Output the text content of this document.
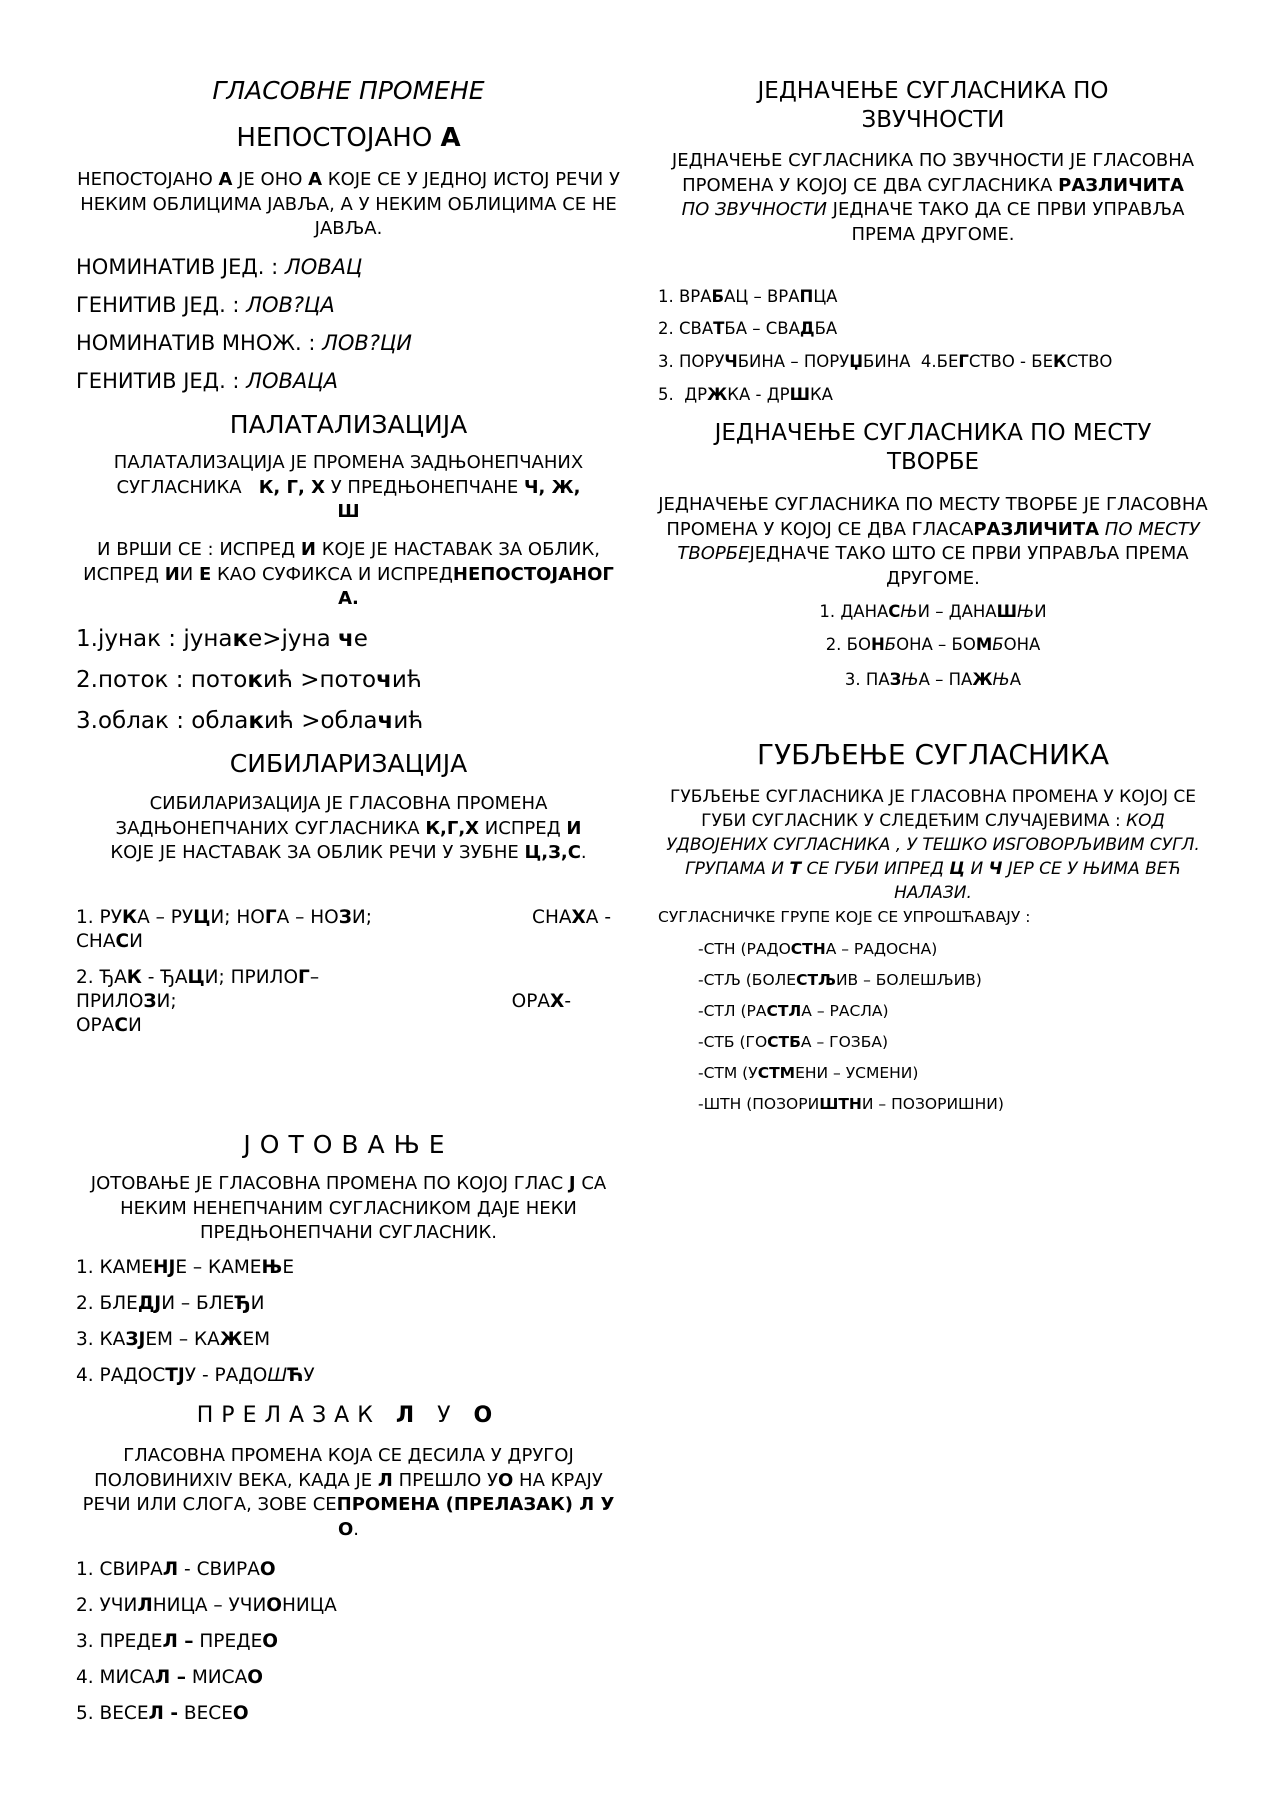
ГЛАСОВНЕ ПРОМЕНЕ
НЕПОСТОЈАНО А
НЕПОСТОЈАНО А ЈЕ ОНО А КОЈЕ СЕ У ЈЕДНОЈ ИСТОЈ РЕЧИ У НЕКИМ ОБЛИЦИМА ЈАВЉА, А У НЕКИМ ОБЛИЦИМА СЕ НЕ ЈАВЉА.
НОМИНАТИВ ЈЕД. : ЛОВАЦ
ГЕНИТИВ ЈЕД. : ЛОВ?ЦА
НОМИНАТИВ МНОЖ. : ЛОВ?ЦИ
ГЕНИТИВ ЈЕД. : ЛОВАЦА
ПАЛАТАЛИЗАЦИЈА
ПАЛАТАЛИЗАЦИЈА ЈЕ ПРОМЕНА ЗАДЊОНЕПЧАНИХ СУГЛАСНИКА   К, Г, Х У ПРЕДЊОНЕПЧАНЕ Ч, Ж, Ш
И ВРШИ СЕ : ИСПРЕД И КОЈЕ ЈЕ НАСТАВАК ЗА ОБЛИК, ИСПРЕД ИИ Е КАО СУФИКСА И ИСПРЕДНЕПОСТОЈАНОГ А.
1.јунак : јунаке>јуна че
2.поток : потокић >поточић
3.облак : облакић >облачић
СИБИЛАРИЗАЦИЈА
СИБИЛАРИЗАЦИЈА ЈЕ ГЛАСОВНА ПРОМЕНА ЗАДЊОНЕПЧАНИХ СУГЛАСНИКА К,Г,Х ИСПРЕД И КОЈЕ ЈЕ НАСТАВАК ЗА ОБЛИК РЕЧИ У ЗУБНЕ Ц,З,С.
1. РУКА – РУЦИ; НОГА – НОЗИ;	СНАХА -
СНАСИ
2. ЂАК - ЂАЦИ; ПРИЛОГ–
ПРИЛОЗИ;	ОРАХ-
ОРАСИ
ЈОТОВАЊЕ
ЈОТОВАЊЕ ЈЕ ГЛАСОВНА ПРОМЕНА ПО КОЈОЈ ГЛАС Ј СА НЕКИМ НЕНЕПЧАНИМ СУГЛАСНИКОМ ДАЈЕ НЕКИ ПРЕДЊОНЕПЧАНИ СУГЛАСНИК.
1. КАМЕНЈЕ – КАМЕЊЕ
2. БЛЕДЈИ – БЛЕЂИ
3. КАЗЈЕМ – КАЖЕМ
4. РАДОСТЈУ - РАДОШЋУ
ПРЕЛАЗАК Л У О
ГЛАСОВНА ПРОМЕНА КОЈА СЕ ДЕСИЛА У ДРУГОЈ ПОЛОВИНИХIV ВЕКА, КАДА ЈЕ Л ПРЕШЛО УО НА КРАЈУ РЕЧИ ИЛИ СЛОГА, ЗОВЕ СЕПРОМЕНА (ПРЕЛАЗАК) Л У О.
1. СВИРАЛ - СВИРАО
2. УЧИЛНИЦА – УЧИОНИЦА
3. ПРЕДЕЛ – ПРЕДЕО
4. МИСАЛ – МИСАО
5. ВЕСЕЛ - ВЕСЕО
ЈЕДНАЧЕЊЕ СУГЛАСНИКА ПО
ЗВУЧНОСТИ
ЈЕДНАЧЕЊЕ СУГЛАСНИКА ПО ЗВУЧНОСТИ ЈЕ ГЛАСОВНА ПРОМЕНА У КОЈОЈ СЕ ДВА СУГЛАСНИКА РАЗЛИЧИТА ПО ЗВУЧНОСТИ ЈЕДНАЧЕ ТАКО ДА СЕ ПРВИ УПРАВЉА ПРЕМА ДРУГОМЕ.
1. ВРАБАЦ – ВРАПЦА
2. СВАТБА – СВАДБА
3. ПОРУЧБИНА – ПОРУЏБИНА  4.БЕГСТВО - БЕКСТВО
5.  ДРЖКА - ДРШКА
ЈЕДНАЧЕЊЕ СУГЛАСНИКА ПО МЕСТУ
ТВОРБЕ
ЈЕДНАЧЕЊЕ СУГЛАСНИКА ПО МЕСТУ ТВОРБЕ ЈЕ ГЛАСОВНА ПРОМЕНА У КОЈОЈ СЕ ДВА ГЛАСАРАЗЛИЧИТА ПО МЕСТУ ТВОРБЕЈЕДНАЧЕ ТАКО ШТО СЕ ПРВИ УПРАВЉА ПРЕМА ДРУГОМЕ.
1. ДАНАСЊИ – ДАНАШЊИ
2. БОНБОНА – БОМБОНА
3. ПАЗЊА – ПАЖЊА
ГУБЉЕЊЕ СУГЛАСНИКА
ГУБЉЕЊЕ СУГЛАСНИКА ЈЕ ГЛАСОВНА ПРОМЕНА У КОЈОЈ СЕ ГУБИ СУГЛАСНИК У СЛЕДЕЋИМ СЛУЧАЈЕВИМА : КОД УДВОЈЕНИХ СУГЛАСНИКА , У ТЕШКО ИЅГОВОРЉИВИМ СУГЛ. ГРУПАМА И Т СЕ ГУБИ ИПРЕД Ц И Ч ЈЕР СЕ У ЊИМА ВЕЋ НАЛАЗИ.
СУГЛАСНИЧКЕ ГРУПЕ КОЈЕ СЕ УПРОШЋАВАЈУ :
-СТН (РАДОСТНА – РАДОСНА)
-СТЉ (БОЛЕСТЉИВ – БОЛЕШЉИВ)
-СТЛ (РАСТЛА – РАСЛА)
-СТБ (ГОСТБА – ГОЗБА)
-СТМ (УСТМЕНИ – УСМЕНИ)
-ШТН (ПОЗОРИШТНИ – ПОЗОРИШНИ)
